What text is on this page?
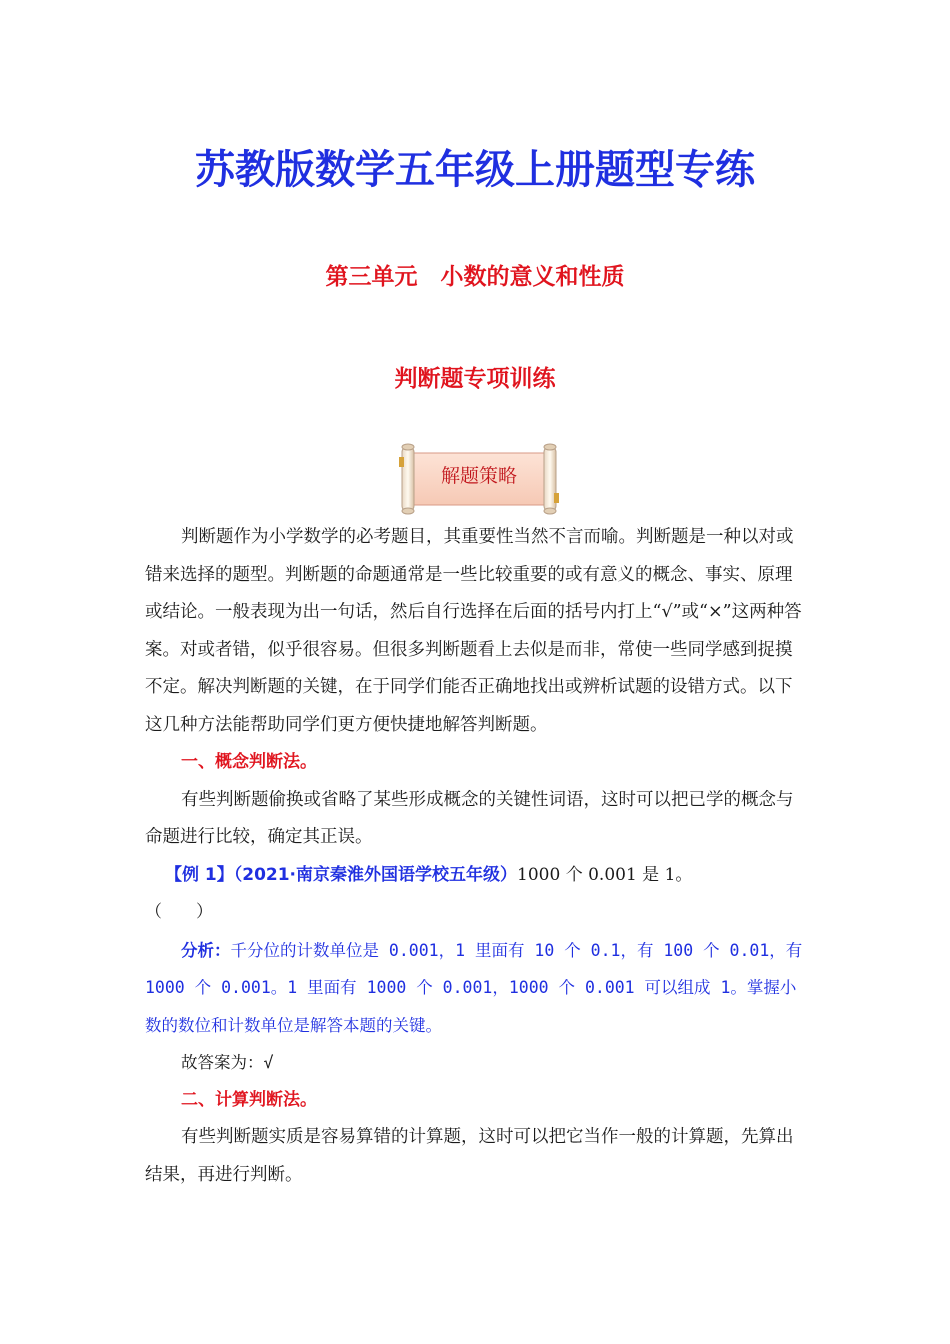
苏教版数学五年级上册题型专练
第三单元　小数的意义和性质
判断题专项训练
解题策略

判断题作为小学数学的必考题目，其重要性当然不言而喻。判断题是一种以对或错来选择的题型。判断题的命题通常是一些比较重要的或有意义的概念、事实、原理或结论。一般表现为出一句话，然后自行选择在后面的括号内打上“√”或“×”这两种答案。对或者错，似乎很容易。但很多判断题看上去似是而非，常使一些同学感到捉摸不定。解决判断题的关键，在于同学们能否正确地找出或辨析试题的设错方式。以下这几种方法能帮助同学们更方便快捷地解答判断题。

一、概念判断法。

有些判断题偷换或省略了某些形成概念的关键性词语，这时可以把已学的概念与命题进行比较，确定其正误。

【例 1】（2021·南京秦淮外国语学校五年级）1000 个 0.001 是 1。

（　　）

分析：千分位的计数单位是 0.001，1 里面有 10 个 0.1，有 100 个 0.01，有 1000 个 0.001。1 里面有 1000 个 0.001，1000 个 0.001 可以组成 1。掌握小数的数位和计数单位是解答本题的关键。

故答案为：√

二、计算判断法。

有些判断题实质是容易算错的计算题，这时可以把它当作一般的计算题，先算出结果，再进行判断。
